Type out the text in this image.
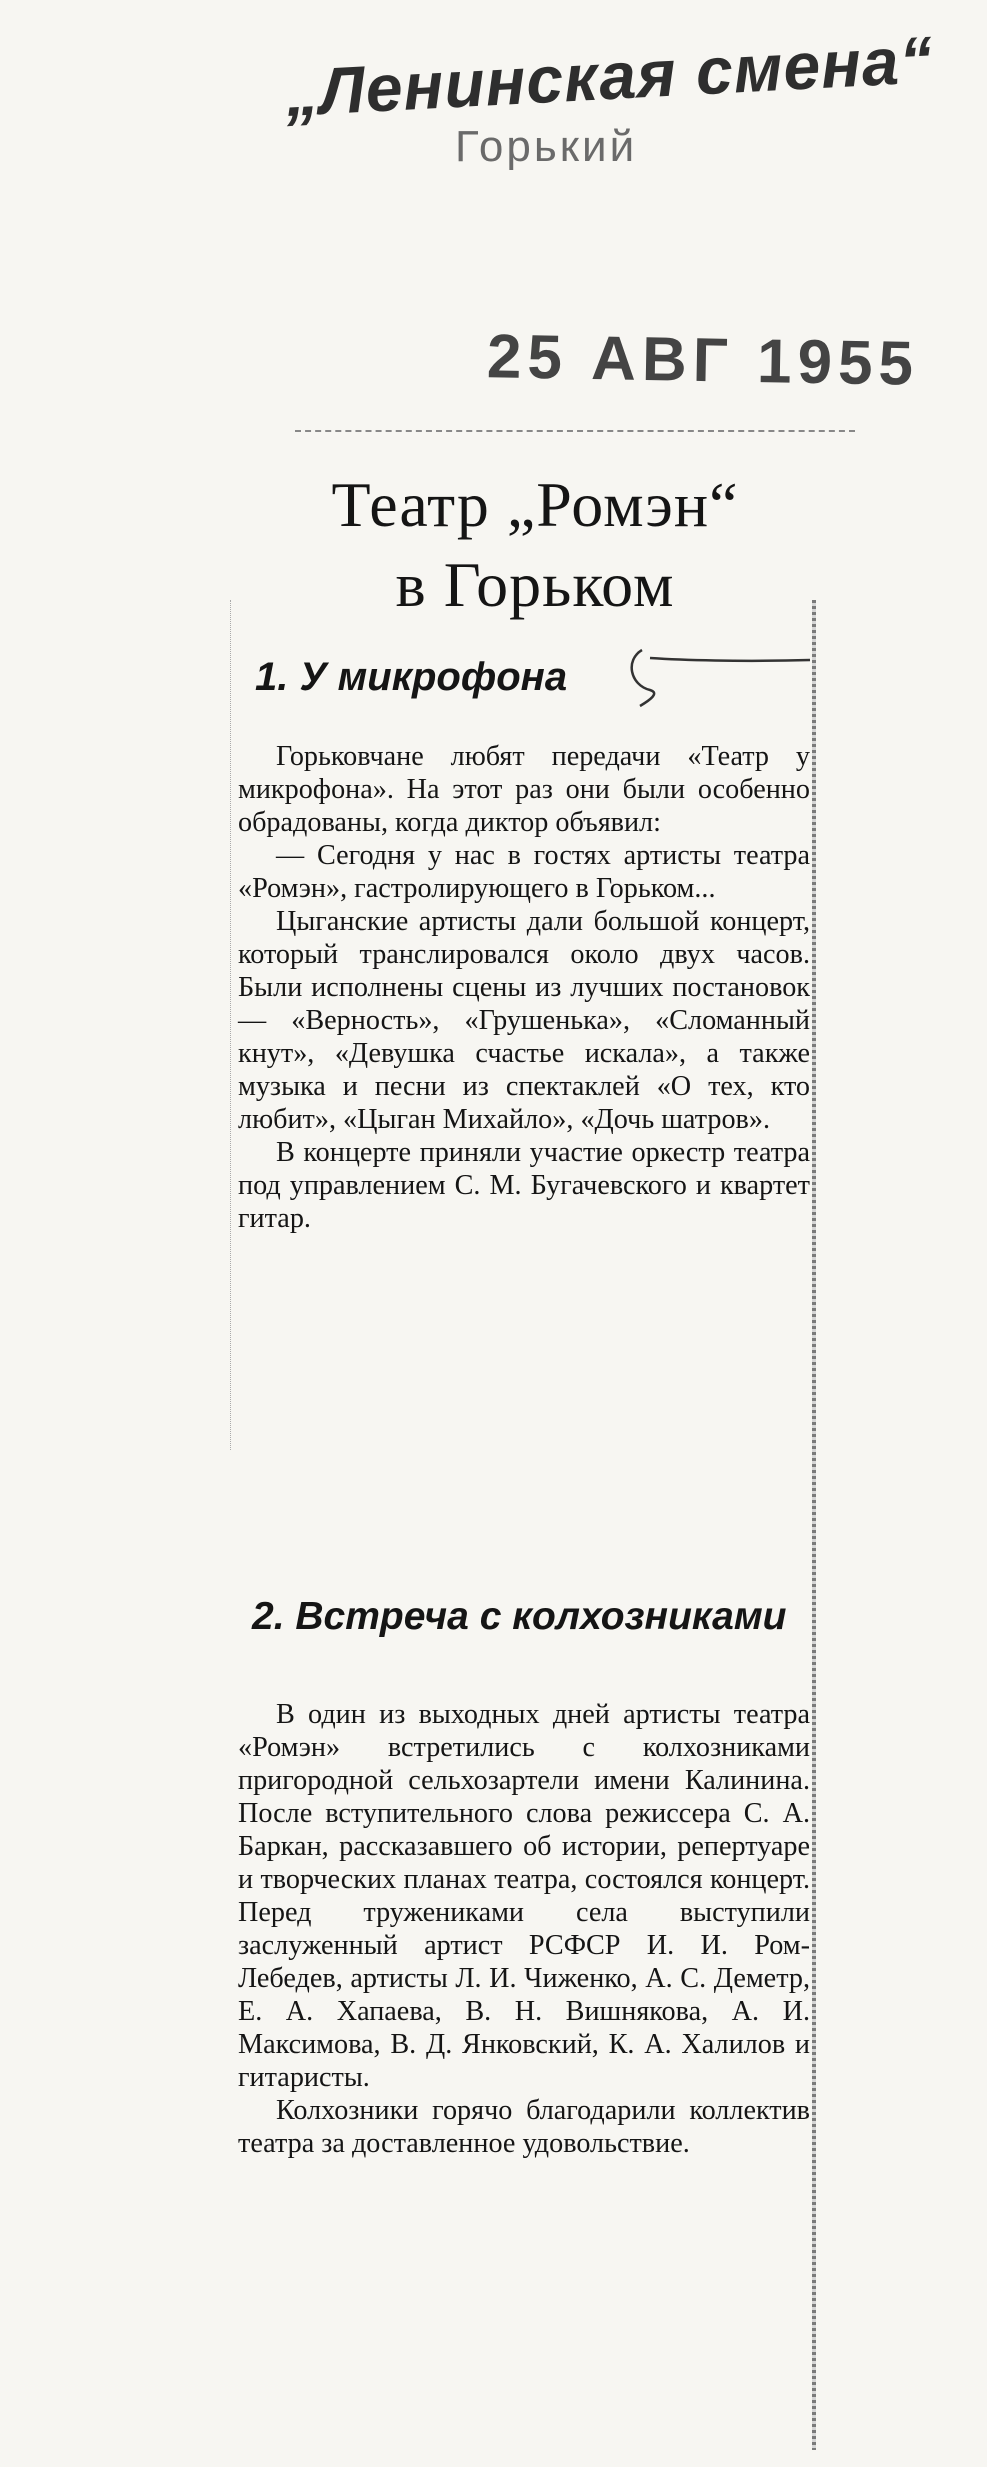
„Ленинская смена“
Горький
25 АВГ 1955
Театр „Ромэн“
в Горьком
1. У микрофона

Горьковчане любят передачи «Театр у микрофона». На этот раз они были особенно обрадованы, когда диктор объявил:

— Сегодня у нас в гостях артисты театра «Ромэн», гастролирующего в Горьком...

Цыганские артисты дали большой концерт, который транслировался около двух часов. Были исполнены сцены из лучших постановок — «Верность», «Грушенька», «Сломанный кнут», «Девушка счастье искала», а также музыка и песни из спектаклей «О тех, кто любит», «Цыган Михайло», «Дочь шатров».

В концерте приняли участие оркестр театра под управлением С. М. Бугачевского и квартет гитар.

2. Встреча с колхозниками

В один из выходных дней артисты театра «Ромэн» встретились с колхозниками пригородной сельхозартели имени Калинина. После вступительного слова режиссера С. А. Баркан, рассказавшего об истории, репертуаре и творческих планах театра, состоялся концерт. Перед тружениками села выступили заслуженный артист РСФСР И. И. Ром-Лебедев, артисты Л. И. Чиженко, А. С. Деметр, Е. А. Хапаева, В. Н. Вишнякова, А. И. Максимова, В. Д. Янковский, К. А. Халилов и гитаристы.

Колхозники горячо благодарили коллектив театра за доставленное удовольствие.
